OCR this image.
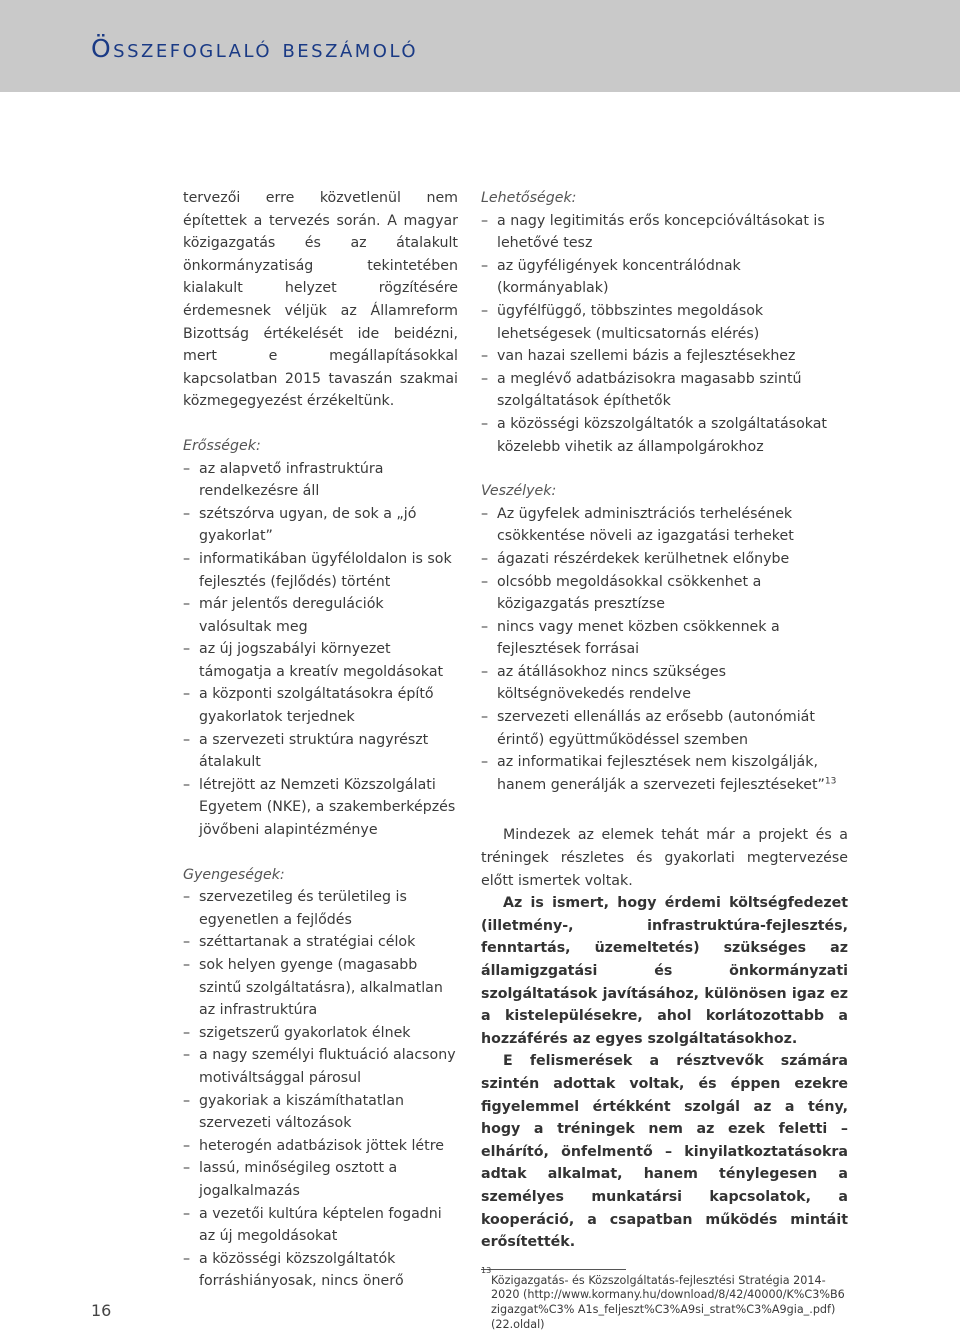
Összefoglaló beszámoló

tervezői erre közvetlenül nem építettek a tervezés során. A magyar közigazgatás és az átalakult önkormányzatiság tekintetében kialakult helyzet rögzítésére érdemesnek véljük az Államreform Bizottság értékelését ide beidézni, mert e megállapításokkal kapcsolatban 2015 tavaszán szakmai közmegegyezést érzékeltünk.

Erősségek:

– az alapvető infrastruktúra rendelkezésre áll
– szétszórva ugyan, de sok a „jó gyakorlat”
– informatikában ügyféloldalon is sok fejlesztés (fejlődés) történt
– már jelentős deregulációk valósultak meg
– az új jogszabályi környezet támogatja a kreatív megoldásokat
– a központi szolgáltatásokra építő gyakorlatok terjednek
– a szervezeti struktúra nagyrészt átalakult
– létrejött az Nemzeti Közszolgálati Egyetem (NKE), a szakemberképzés jövőbeni alapintézménye

Gyengeségek:

– szervezetileg és területileg is egyenetlen a fejlődés
– széttartanak a stratégiai célok
– sok helyen gyenge (magasabb szintű szolgáltatásra), alkalmatlan az infrastruktúra
– szigetszerű gyakorlatok élnek
– a nagy személyi fluktuáció alacsony motiváltsággal párosul
– gyakoriak a kiszámíthatatlan szervezeti változások
– heterogén adatbázisok jöttek létre
– lassú, minőségileg osztott a jogalkalmazás
– a vezetői kultúra képtelen fogadni az új megoldásokat
– a közösségi közszolgáltatók forráshiányosak, nincs önerő

Lehetőségek:

– a nagy legitimitás erős koncepcióváltásokat is lehetővé tesz
– az ügyféligények koncentrálódnak (kormányablak)
– ügyfélfüggő, többszintes megoldások lehetségesek (multicsatornás elérés)
– van hazai szellemi bázis a fejlesztésekhez
– a meglévő adatbázisokra magasabb szintű szolgáltatások építhetők
– a közösségi közszolgáltatók a szolgáltatásokat közelebb vihetik az állampolgárokhoz

Veszélyek:

– Az ügyfelek adminisztrációs terhelésének csökkentése növeli az igazgatási terheket
– ágazati részérdekek kerülhetnek előnybe
– olcsóbb megoldásokkal csökkenhet a közigazgatás presztízse
– nincs vagy menet közben csökkennek a fejlesztések forrásai
– az átállásokhoz nincs szükséges költségnövekedés rendelve
– szervezeti ellenállás az erősebb (autonómiát érintő) együttműködéssel szemben
– az informatikai fejlesztések nem kiszolgálják, hanem generálják a szervezeti fejlesztéseket”$^{13}$

Mindezek az elemek tehát már a projekt és a tréningek részletes és gyakorlati megtervezése előtt ismertek voltak.

Az is ismert, hogy érdemi költségfedezet (illetmény-, infrastruktúra-fejlesztés, fenntartás, üzemeltetés) szükséges az államigzgatási és önkormányzati szolgáltatások javításához, különösen igaz ez a kistelepülésekre, ahol korlátozottabb a hozzáférés az egyes szolgáltatásokhoz.

E felismerések a résztvevők számára szintén adottak voltak, és éppen ezekre figyelemmel értékként szolgál az a tény, hogy a tréningek nem az ezek feletti – elhárító, önfelmentő – kinyilatkoztatásokra adtak alkalmat, hanem ténylegesen a személyes munkatársi kapcsolatok, a kooperáció, a csapatban működés mintáit erősítették.

13
Közigazgatás- és Közszolgáltatás-fejlesztési Stratégia 2014-2020 (http://www.kormany.hu/download/8/42/40000/K%C3%B6 zigazgat%C3% A1s_feljeszt%C3%A9si_strat%C3%A9gia_.pdf) (22.oldal)
16
